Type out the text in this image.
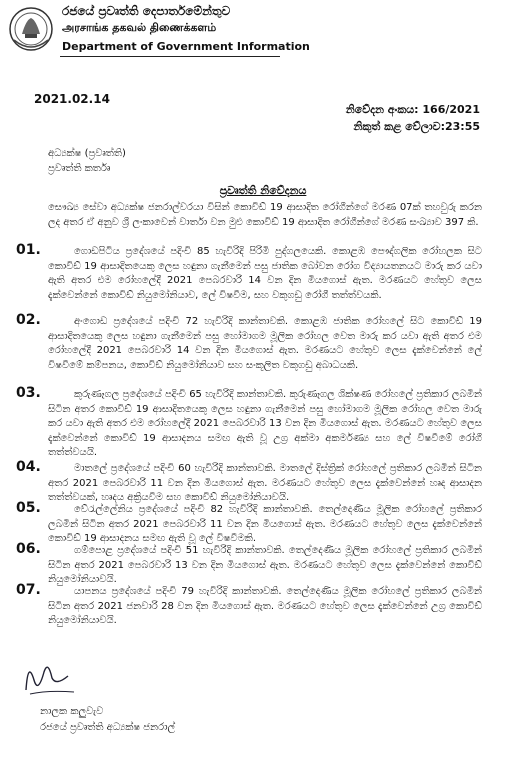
රජයේ ප්‍රවෘත්ති දෙපාර්තමේන්තුව
அரசாங்க தகவல் திணைக்களம்
Department of Government Information
2021.02.14
නිවේදන අංකය: 166/2021
නිකුත් කළ වේලාව:23:55
අධ්‍යක්ෂ (ප්‍රවෘත්ති)
ප්‍රවෘත්ති කර්තෘ
ප්‍රවෘත්ති නිවේදනය
සෞඛ්‍ය සේවා අධ්‍යක්ෂ ජනරාල්වරයා විසින් කොවිඩ් 19 ආසාදිත රෝගීන්ගේ මරණ 07ක් තහවුරු කරන ලද අතර ඒ අනුව ශ්‍රී ලංකාවෙන් වාර්තා වන මුළු කොවිඩ් 19 ආසාදිත රෝගීන්ගේ මරණ සංඛ්‍යාව 397 කි.
01.	ගොඩපිටිය ප්‍රදේශයේ පදිංචි 85 හැවිරිදි පිරිමි පුද්ගලයෙකි. කොළඹ පෞද්ගලික රෝහලක සිට කොවිඩ් 19 ආසාදිතයෙකු ලෙස හඳුනා ගැනීමෙන් පසු ජාතික බෝවන රෝග විද්‍යායතනයට මාරු කර යවා ඇති අතර එම රෝහලේදී 2021 පෙබරවාරි 14 වන දින මියගොස් ඇත. මරණයට හේතුව ලෙස දැක්වෙන්නේ කොවිඩ් නියුමෝනියාව, ලේ විෂවීම, සහ වකුගඩු රෝගී තත්ත්වයකි.
02.	අංගොඩ ප්‍රදේශයේ පදිංචි 72 හැවිරිදි කාන්තාවකි. කොළඹ ජාතික රෝහලේ සිට කොවිඩ් 19 ආසාදිතයෙකු ලෙස හඳුනා ගැනීමෙන් පසු හෝමාගම මූලික රෝහල වෙත මාරු කර යවා ඇති අතර එම රෝහලේදී 2021 පෙබරවාරි 14 වන දින මියගොස් ඇත. මරණයට හේතුව ලෙස දැක්වෙන්නේ ලේ විෂවීමේ කම්පනය, කොවිඩ් නියුමෝනියාව සහ සංකූලිත වකුගඩු අබාධයකි.
03.	කුරුණෑගල ප්‍රදේශයේ පදිංචි 65 හැවිරිදි කාන්තාවකි. කුරුණෑගල ශික්ෂණ රෝහලේ ප්‍රතිකාර ලබමින් සිටින අතර කොවිඩ් 19 ආසාදිතයෙකු ලෙස හඳුනා ගැනීමෙන් පසු හෝමාගම මූලික රෝහල වෙත මාරු කර යවා ඇති අතර එම රෝහලේදී 2021 පෙබරවාරි 13 වන දින මියගොස් ඇත. මරණයට හේතුව ලෙස දැක්වෙන්නේ කොවිඩ් 19 ආසාදනය සමඟ ඇති වූ උග්‍ර අක්මා අකර්මණ්‍ය සහ ලේ විෂවීමේ රෝගී තත්ත්වයයි.
04.	මාතලේ ප්‍රදේශයේ පදිංචි 60 හැවිරිදි කාන්තාවකි. මාතලේ දිස්ත්‍රික් රෝහලේ ප්‍රතිකාර ලබමින් සිටින අතර 2021 පෙබරවාරි 11 වන දින මියගොස් ඇත. මරණයට හේතුව ලෙස දැක්වෙන්නේ හෘද ආසාදන තත්ත්වයක්, හෘදය අක්‍රියවීම සහ කොවිඩ් නියුමෝනියාවයි.
05.	වේරැල්ලේනිය ප්‍රදේශයේ පදිංචි 82 හැවිරිදි කාන්තාවකි. තෙල්දෙණිය මූලික රෝහලේ ප්‍රතිකාර ලබමින් සිටින අතර 2021 පෙබරවාරි 11 වන දින මියගොස් ඇත. මරණයට හේතුව ලෙස දැක්වෙන්නේ කොවිඩ් 19 ආසාදනය සමඟ ඇති වූ ලේ විෂවීමකි.
06.	ගම්පොළ ප්‍රදේශයේ පදිංචි 51 හැවිරිදි කාන්තාවකි. තෙල්දෙණිය මූලික රෝහලේ ප්‍රතිකාර ලබමින් සිටින අතර 2021 පෙබරවාරි 13 වන දින මියගොස් ඇත. මරණයට හේතුව ලෙස දැක්වෙන්නේ කොවිඩ් නියුමෝනියාවයි.
07.	යාපනය ප්‍රදේශයේ පදිංචි 79 හැවිරිදි කාන්තාවකි. තෙල්දෙණිය මූලික රෝහලේ ප්‍රතිකාර ලබමින් සිටින අතර 2021 ජනවාරි 28 වන දින මියගොස් ඇත. මරණයට හේතුව ලෙස දැක්වෙන්නේ උග්‍ර කොවිඩ් නියුමෝනියාවයි.
නාලක කලුවැව
රජයේ ප්‍රවෘත්ති අධ්‍යක්ෂ ජනරාල්
